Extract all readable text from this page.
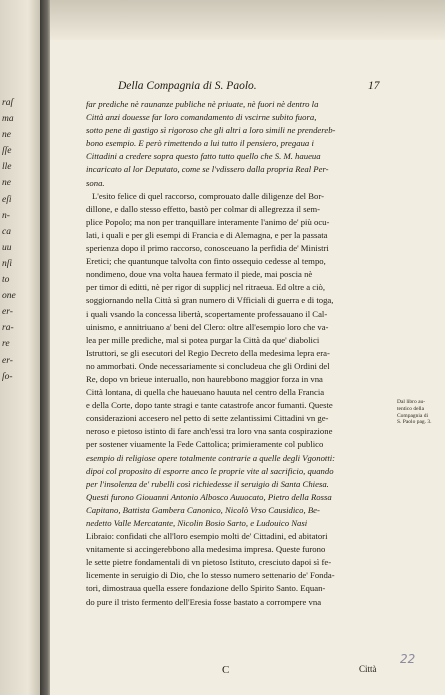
raſ
ma
ne
ſſe
lle
ne
eſi
n-
ca
uu
nſi
to
one
er-
ra-
re
er-
ſo-
Della Compagnia di S. Paolo.	17
far prediche nè raunanze publiche nè priuate, nè fuori nè dentro la
Città anzi douesse far loro comandamento di vscirne subito fuora,
sotto pene di gastigo sì rigoroso che gli altri a loro simili ne prendereb-
bono esempio. E però rimettendo a lui tutto il pensiero, pregaua i
Cittadini a credere sopra questo fatto tutto quello che S. M. haueua
incaricato al lor Deputato, come se l'vdissero dalla propria Real Per-
sona.
L'esito felice di quel raccorso, comprouato dalle diligenze del Bor-
dillone, e dallo stesso effetto, bastò per colmar di allegrezza il sem-
plice Popolo; ma non per tranquillare interamente l'animo de' più ocu-
lati, i quali e per gli esempi di Francia e di Alemagna, e per la passata
sperienza dopo il primo raccorso, conosceuano la perfidia de' Ministri
Eretici; che quantunque talvolta con finto ossequio cedesse al tempo,
nondimeno, doue vna volta hauea fermato il piede, mai poscia nè
per timor di editti, nè per rigor di supplicj nel ritraeua. Ed oltre a ciò,
soggiornando nella Città sì gran numero di Vfficiali di guerra e di toga,
i quali vsando la concessa libertà, scopertamente professauano il Cal-
uinismo, e annitriuano a' beni del Clero: oltre all'esempio loro che va-
lea per mille prediche, mal si potea purgar la Città da que' diabolici
Istruttori, se gli esecutori del Regio Decreto della medesima lepra era-
no ammorbati. Onde necessariamente si concludeua che gli Ordini del
Re, dopo vn brieue interuallo, non haurebbono maggior forza in vna
Città lontana, di quella che haueuano hauuta nel centro della Francia
e della Corte, dopo tante stragi e tante catastrofe ancor fumanti. Queste
considerazioni accesero nel petto di sette zelantissimi Cittadini vn ge-
neroso e pietoso istinto di fare anch'essi tra loro vna santa cospirazione
per sostener viuamente la Fede Cattolica; primieramente col publico
esempio di religiose opere totalmente contrarie a quelle degli Vgonotti:
dipoi col proposito di esporre anco le proprie vite al sacrificio, quando
per l'insolenza de' rubelli così richiedesse il seruigio di Santa Chiesa.
Questi furono Giouanni Antonio Albosco Auuocato, Pietro della Rossa
Capitano, Battista Gambera Canonico, Nicolò Vrso Causidico, Be-
nedetto Valle Mercatante, Nicolin Bosio Sarto, e Ludouico Nasi
Libraio: confidati che all'loro esempio molti de' Cittadini, ed abitatori
vnitamente si accingerebbono alla medesima impresa. Queste furono
le sette pietre fondamentali di vn pietoso Istituto, cresciuto dapoi sì fe-
licemente in seruigio di Dio, che lo stesso numero settenario de' Fonda-
tori, dimostraua quella essere fondazione dello Spirito Santo. Equan-
do pure il tristo fermento dell'Eresia fosse bastato a corrompere vna
Dal libro au-
tentico della
Compagnia di
S. Paolo pag. 3.
C	Città
22
